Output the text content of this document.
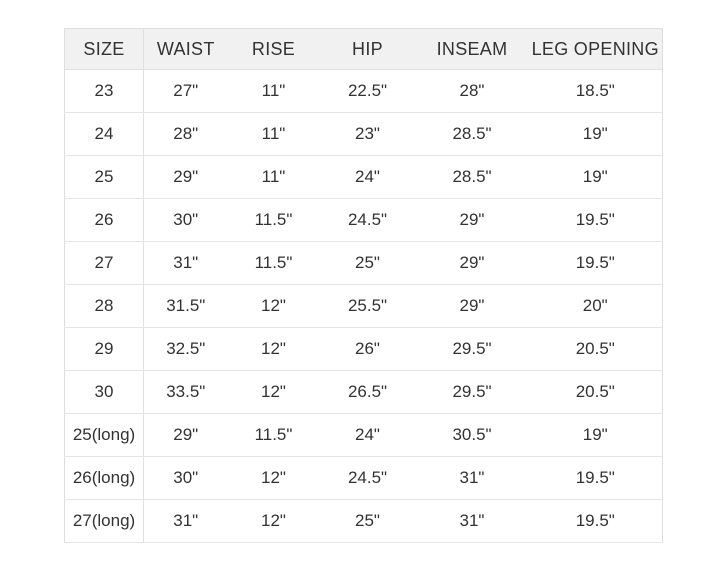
SIZE	WAIST	RISE	HIP	INSEAM	LEG OPENING
23	27"	11"	22.5"	28"	18.5"
24	28"	11"	23"	28.5"	19"
25	29"	11"	24"	28.5"	19"
26	30"	11.5"	24.5"	29"	19.5"
27	31"	11.5"	25"	29"	19.5"
28	31.5"	12"	25.5"	29"	20"
29	32.5"	12"	26"	29.5"	20.5"
30	33.5"	12"	26.5"	29.5"	20.5"
25(long)	29"	11.5"	24"	30.5"	19"
26(long)	30"	12"	24.5"	31"	19.5"
27(long)	31"	12"	25"	31"	19.5"
